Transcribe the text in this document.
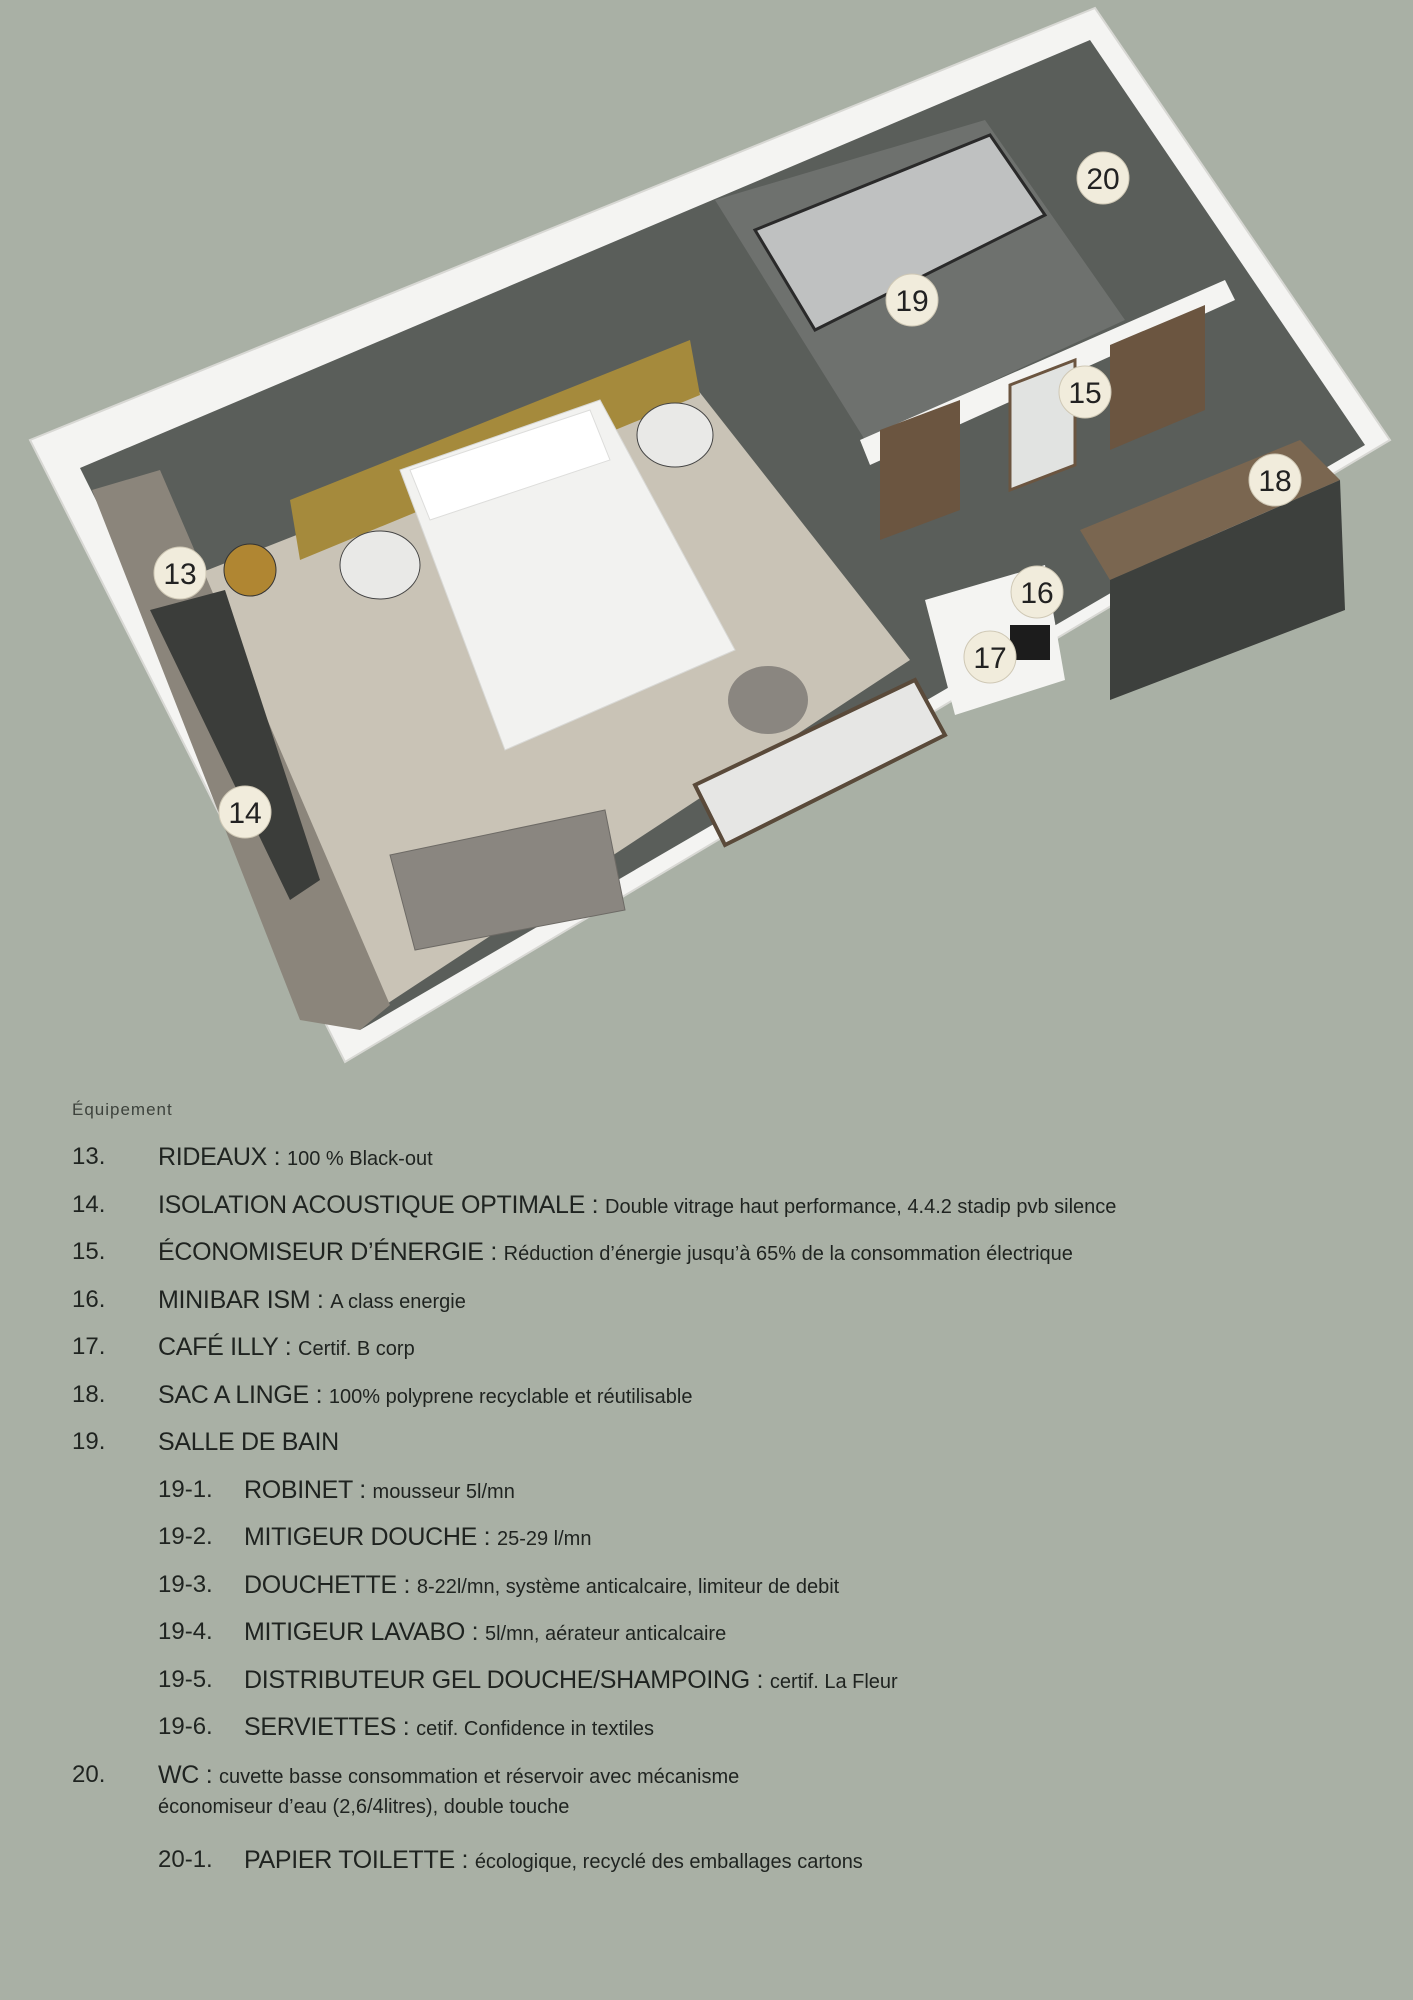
13
14
15
16
17
18
19
20
Équipement
13. RIDEAUX : 100 % Black-out
14. ISOLATION ACOUSTIQUE OPTIMALE : Double vitrage haut performance, 4.4.2 stadip pvb silence
15. ÉCONOMISEUR D’ÉNERGIE : Réduction d’énergie jusqu’à 65% de la consommation électrique
16. MINIBAR ISM : A class energie
17. CAFÉ ILLY : Certif. B corp
18. SAC A LINGE : 100% polyprene recyclable et réutilisable
19. SALLE DE BAIN
19-1. ROBINET : mousseur 5l/mn
19-2. MITIGEUR DOUCHE : 25-29 l/mn
19-3. DOUCHETTE : 8-22l/mn, système anticalcaire, limiteur de debit
19-4. MITIGEUR LAVABO : 5l/mn, aérateur anticalcaire
19-5. DISTRIBUTEUR GEL DOUCHE/SHAMPOING : certif. La Fleur
19-6. SERVIETTES : cetif. Confidence in textiles
20. WC : cuvette basse consommation et réservoir avec mécanisme
économiseur d’eau (2,6/4litres), double touche
20-1. PAPIER TOILETTE : écologique, recyclé des emballages cartons
